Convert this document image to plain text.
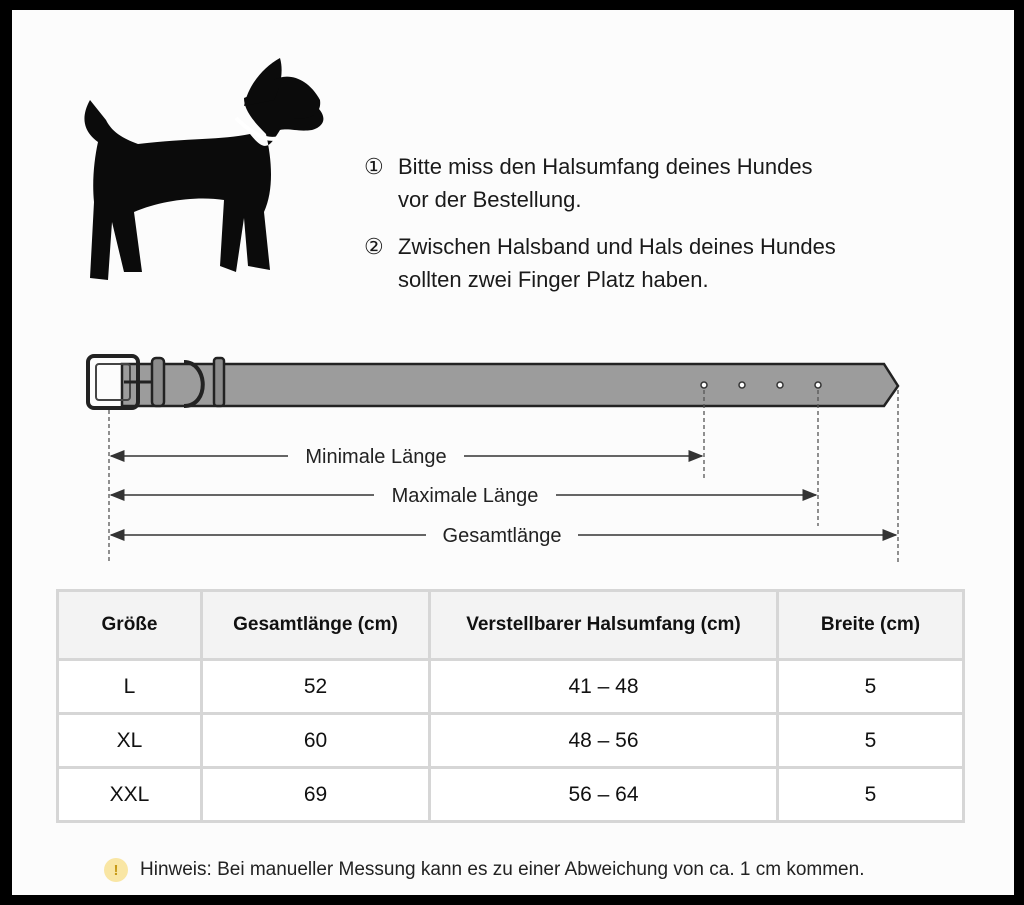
Minimale Länge
Maximale Länge
Gesamtlänge
① Bitte miss den Halsumfang deines Hundes
vor der Bestellung.
② Zwischen Halsband und Hals deines Hundes
sollten zwei Finger Platz haben.
Größe	Gesamtlänge (cm)	Verstellbarer Halsumfang (cm)	Breite (cm)
L	52	41 – 48	5
XL	60	48 – 56	5
XXL	69	56 – 64	5
!	Hinweis: Bei manueller Messung kann es zu einer Abweichung von ca. 1 cm kommen.
